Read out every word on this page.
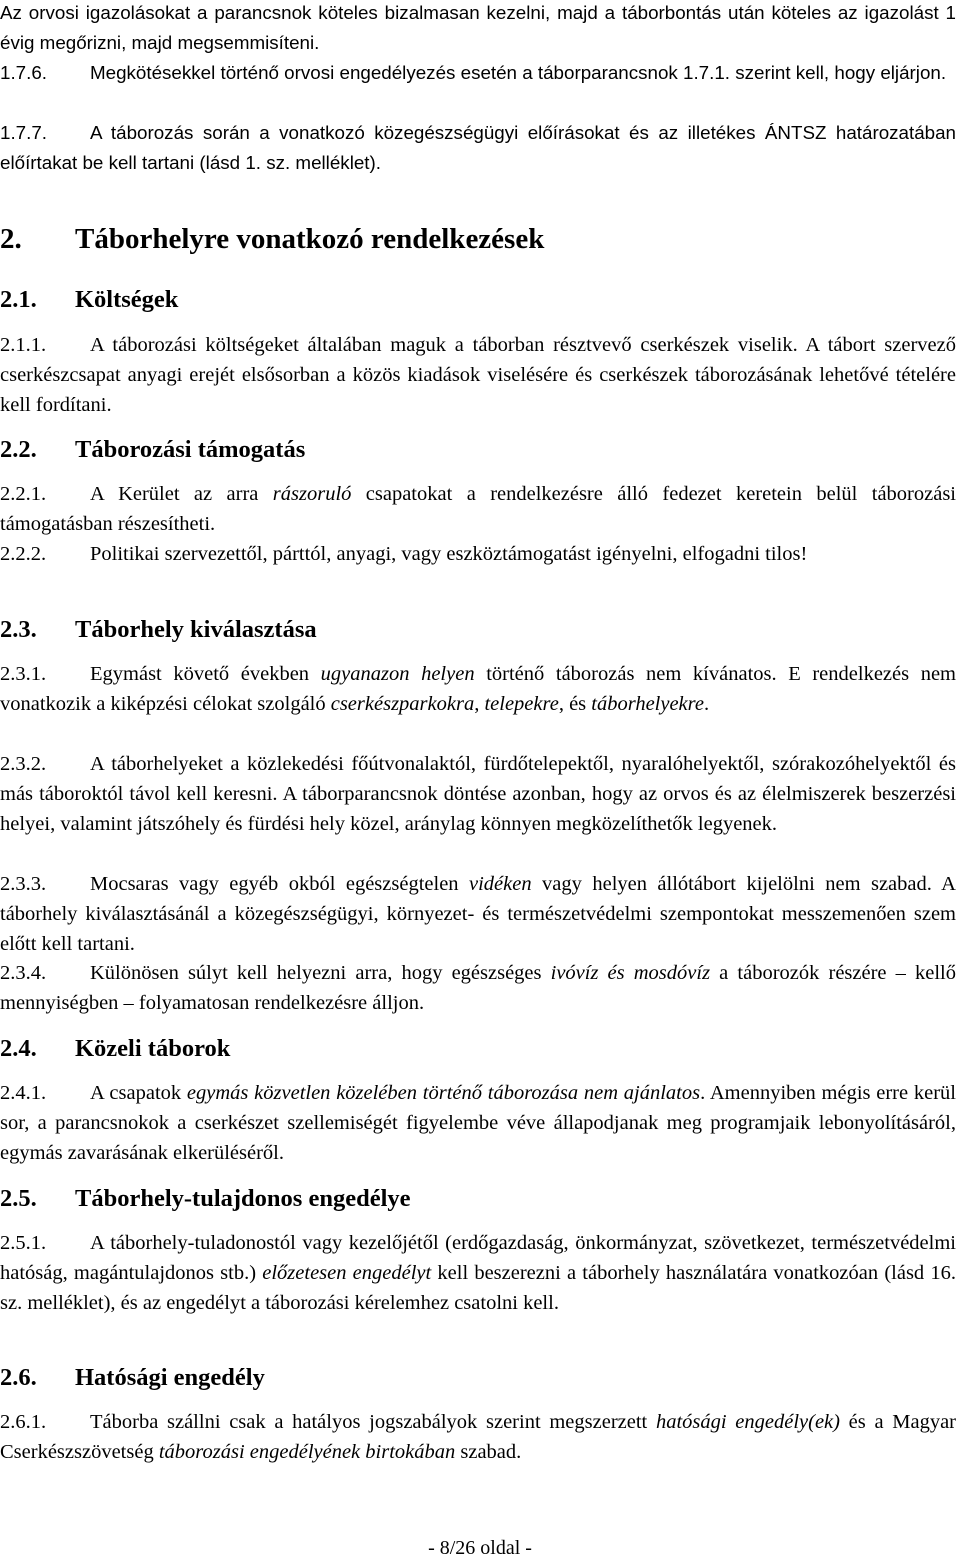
Az orvosi igazolásokat a parancsnok köteles bizalmasan kezelni, majd a táborbontás után köteles az igazolást 1 évig megőrizni, majd megsemmisíteni.

1.7.6. Megkötésekkel történő orvosi engedélyezés esetén a táborparancsnok 1.7.1. szerint kell, hogy eljárjon.

1.7.7. A táborozás során a vonatkozó közegészségügyi előírásokat és az illetékes ÁNTSZ határozatában előírtakat be kell tartani (lásd 1. sz. melléklet).

2. Táborhelyre vonatkozó rendelkezések
2.1. Költségek

2.1.1. A táborozási költségeket általában maguk a táborban résztvevő cserkészek viselik. A tábort szervező cserkészcsapat anyagi erejét elsősorban a közös kiadások viselésére és cserkészek táborozásának lehetővé tételére kell fordítani.

2.2. Táborozási támogatás

2.2.1. A Kerület az arra rászoruló csapatokat a rendelkezésre álló fedezet keretein belül táborozási támogatásban részesítheti.

2.2.2. Politikai szervezettől, párttól, anyagi, vagy eszköztámogatást igényelni, elfogadni tilos!

2.3. Táborhely kiválasztása

2.3.1. Egymást követő években ugyanazon helyen történő táborozás nem kívánatos. E rendelkezés nem vonatkozik a kiképzési célokat szolgáló cserkészparkokra, telepekre, és táborhelyekre.

2.3.2. A táborhelyeket a közlekedési főútvonalaktól, fürdőtelepektől, nyaralóhelyektől, szórakozóhelyektől és más táboroktól távol kell keresni. A táborparancsnok döntése azonban, hogy az orvos és az élelmiszerek beszerzési helyei, valamint játszóhely és fürdési hely közel, aránylag könnyen megközelíthetők legyenek.

2.3.3. Mocsaras vagy egyéb okból egészségtelen vidéken vagy helyen állótábort kijelölni nem szabad. A táborhely kiválasztásánál a közegészségügyi, környezet- és természetvédelmi szempontokat messzemenően szem előtt kell tartani.

2.3.4. Különösen súlyt kell helyezni arra, hogy egészséges ivóvíz és mosdóvíz a táborozók részére – kellő mennyiségben – folyamatosan rendelkezésre álljon.

2.4. Közeli táborok

2.4.1. A csapatok egymás közvetlen közelében történő táborozása nem ajánlatos. Amennyiben mégis erre kerül sor, a parancsnokok a cserkészet szellemiségét figyelembe véve állapodjanak meg programjaik lebonyolításáról, egymás zavarásának elkerüléséről.

2.5. Táborhely-tulajdonos engedélye

2.5.1. A táborhely-tuladonostól vagy kezelőjétől (erdőgazdaság, önkormányzat, szövetkezet, természetvédelmi hatóság, magántulajdonos stb.) előzetesen engedélyt kell beszerezni a táborhely használatára vonatkozóan (lásd 16. sz. melléklet), és az engedélyt a táborozási kérelemhez csatolni kell.

2.6. Hatósági engedély

2.6.1. Táborba szállni csak a hatályos jogszabályok szerint megszerzett hatósági engedély(ek) és a Magyar Cserkészszövetség táborozási engedélyének birtokában szabad.

- 8/26 oldal -
